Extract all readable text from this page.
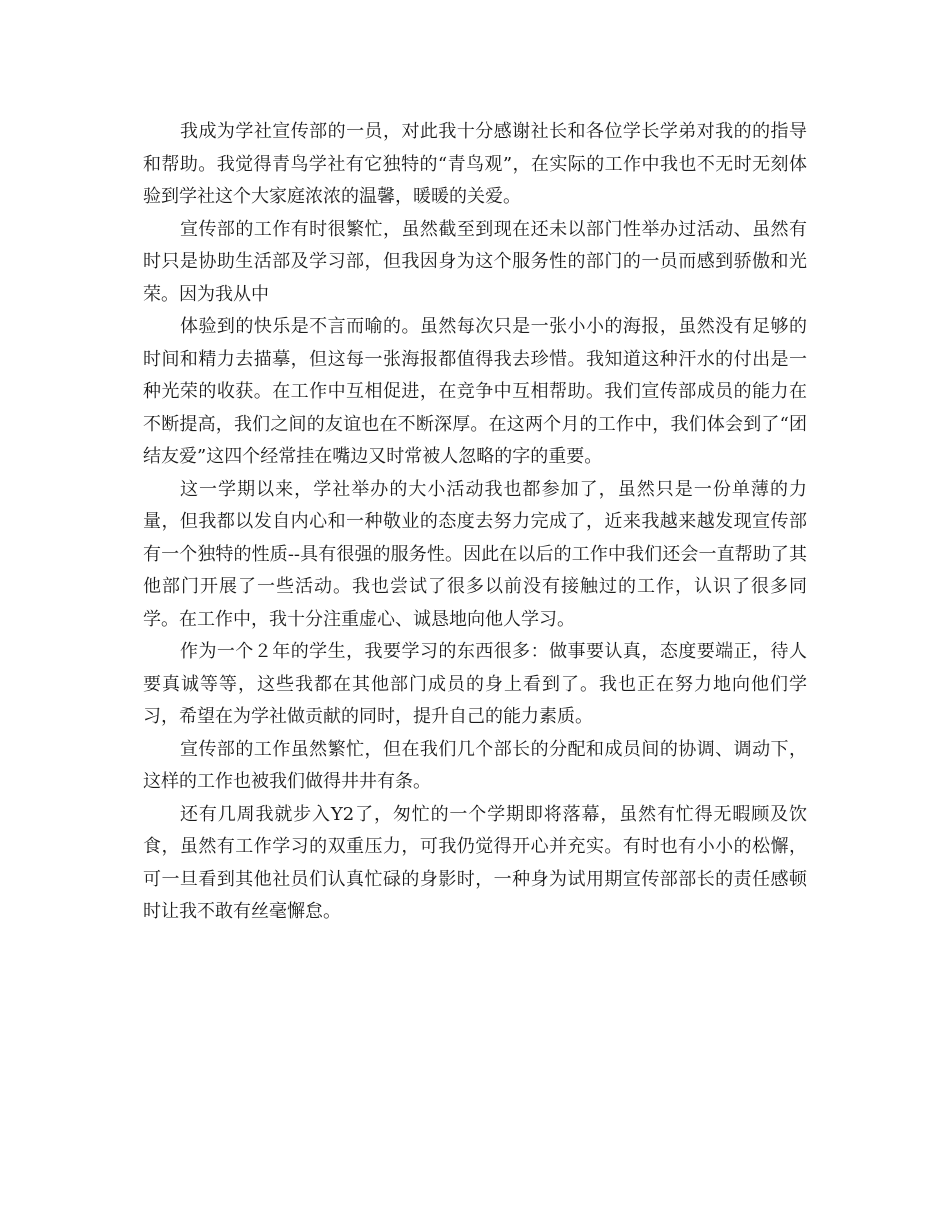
我成为学社宣传部的一员，对此我十分感谢社长和各位学长学弟对我的的指导和帮助。我觉得青鸟学社有它独特的“青鸟观”，在实际的工作中我也不无时无刻体验到学社这个大家庭浓浓的温馨，暖暖的关爱。

宣传部的工作有时很繁忙，虽然截至到现在还未以部门性举办过活动、虽然有时只是协助生活部及学习部，但我因身为这个服务性的部门的一员而感到骄傲和光荣。因为我从中

体验到的快乐是不言而喻的。虽然每次只是一张小小的海报，虽然没有足够的时间和精力去描摹，但这每一张海报都值得我去珍惜。我知道这种汗水的付出是一种光荣的收获。在工作中互相促进，在竞争中互相帮助。我们宣传部成员的能力在不断提高，我们之间的友谊也在不断深厚。在这两个月的工作中，我们体会到了“团结友爱”这四个经常挂在嘴边又时常被人忽略的字的重要。

这一学期以来，学社举办的大小活动我也都参加了，虽然只是一份单薄的力量，但我都以发自内心和一种敬业的态度去努力完成了，近来我越来越发现宣传部有一个独特的性质--具有很强的服务性。因此在以后的工作中我们还会一直帮助了其他部门开展了一些活动。我也尝试了很多以前没有接触过的工作，认识了很多同学。在工作中，我十分注重虚心、诚恳地向他人学习。

作为一个２年的学生，我要学习的东西很多：做事要认真，态度要端正，待人要真诚等等，这些我都在其他部门成员的身上看到了。我也正在努力地向他们学习，希望在为学社做贡献的同时，提升自己的能力素质。

宣传部的工作虽然繁忙，但在我们几个部长的分配和成员间的协调、调动下，这样的工作也被我们做得井井有条。

还有几周我就步入Y2了，匆忙的一个学期即将落幕，虽然有忙得无暇顾及饮食，虽然有工作学习的双重压力，可我仍觉得开心并充实。有时也有小小的松懈，可一旦看到其他社员们认真忙碌的身影时，一种身为试用期宣传部部长的责任感顿时让我不敢有丝毫懈怠。
